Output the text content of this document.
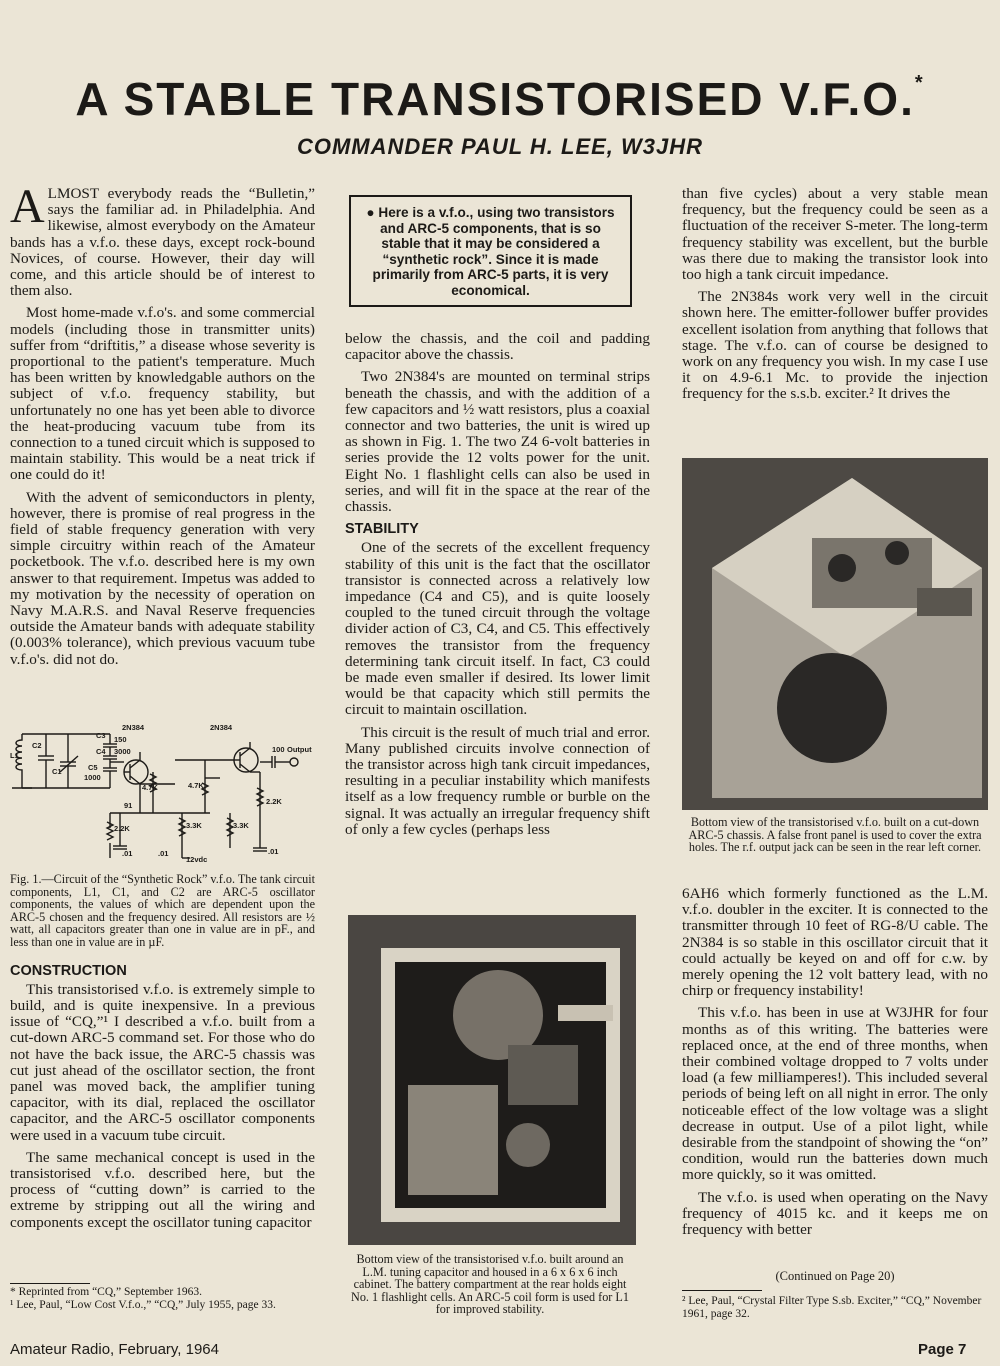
A STABLE TRANSISTORISED V.F.O.*
COMMANDER PAUL H. LEE, W3JHR

ALMOST everybody reads the “Bulletin,” says the familiar ad. in Philadelphia. And likewise, almost everybody on the Amateur bands has a v.f.o. these days, except rock-bound Novices, of course. However, their day will come, and this article should be of interest to them also.

Most home-made v.f.o's. and some commercial models (including those in transmitter units) suffer from “driftitis,” a disease whose severity is proportional to the patient's temperature. Much has been written by knowledgable authors on the subject of v.f.o. frequency stability, but unfortunately no one has yet been able to divorce the heat-producing vacuum tube from its connection to a tuned circuit which is supposed to maintain stability. This would be a neat trick if one could do it!

With the advent of semiconductors in plenty, however, there is promise of real progress in the field of stable frequency generation with very simple circuitry within reach of the Amateur pocketbook. The v.f.o. described here is my own answer to that requirement. Impetus was added to my motivation by the necessity of operation on Navy M.A.R.S. and Naval Reserve frequencies outside the Amateur bands with adequate stability (0.003% tolerance), which previous vacuum tube v.f.o's. did not do.

2N384	2N384
100 Output
L1
C2
C1
C3 150
C4 3000
C5
1000
4.7K	4.7K
2.2K
2.2K	3.3K	3.3K
91
.01	.01	.01
12vdc
Fig. 1.—Circuit of the “Synthetic Rock” v.f.o. The tank circuit components, L1, C1, and C2 are ARC-5 oscillator components, the values of which are dependent upon the ARC-5 chosen and the frequency desired. All resistors are ½ watt, all capacitors greater than one in value are in pF., and less than one in value are in µF.
CONSTRUCTION

This transistorised v.f.o. is extremely simple to build, and is quite inexpensive. In a previous issue of “CQ,”¹ I described a v.f.o. built from a cut-down ARC-5 command set. For those who do not have the back issue, the ARC-5 chassis was cut just ahead of the oscillator section, the front panel was moved back, the amplifier tuning capacitor, with its dial, replaced the oscillator capacitor, and the ARC-5 oscillator components were used in a vacuum tube circuit.

The same mechanical concept is used in the transistorised v.f.o. described here, but the process of “cutting down” is carried to the extreme by stripping out all the wiring and components except the oscillator tuning capacitor

* Reprinted from “CQ,” September 1963.
¹ Lee, Paul, “Low Cost V.f.o.,” “CQ,” July 1955, page 33.
● Here is a v.f.o., using two transistors and ARC-5 components, that is so stable that it may be considered a “synthetic rock”. Since it is made primarily from ARC-5 parts, it is very economical.

below the chassis, and the coil and padding capacitor above the chassis.

Two 2N384's are mounted on terminal strips beneath the chassis, and with the addition of a few capacitors and ½ watt resistors, plus a coaxial connector and two batteries, the unit is wired up as shown in Fig. 1. The two Z4 6-volt batteries in series provide the 12 volts power for the unit. Eight No. 1 flashlight cells can also be used in series, and will fit in the space at the rear of the chassis.

STABILITY

One of the secrets of the excellent frequency stability of this unit is the fact that the oscillator transistor is connected across a relatively low impedance (C4 and C5), and is quite loosely coupled to the tuned circuit through the voltage divider action of C3, C4, and C5. This effectively removes the transistor from the frequency determining tank circuit itself. In fact, C3 could be made even smaller if desired. Its lower limit would be that capacity which still permits the circuit to maintain oscillation.

This circuit is the result of much trial and error. Many published circuits involve connection of the transistor across high tank circuit impedances, resulting in a peculiar instability which manifests itself as a low frequency rumble or burble on the signal. It was actually an irregular frequency shift of only a few cycles (perhaps less

Bottom view of the transistorised v.f.o. built around an L.M. tuning capacitor and housed in a 6 x 6 x 6 inch cabinet. The battery compartment at the rear holds eight No. 1 flashlight cells. An ARC-5 coil form is used for L1 for improved stability.

than five cycles) about a very stable mean frequency, but the frequency could be seen as a fluctuation of the receiver S-meter. The long-term frequency stability was excellent, but the burble was there due to making the transistor look into too high a tank circuit impedance.

The 2N384s work very well in the circuit shown here. The emitter-follower buffer provides excellent isolation from anything that follows that stage. The v.f.o. can of course be designed to work on any frequency you wish. In my case I use it on 4.9-6.1 Mc. to provide the injection frequency for the s.s.b. exciter.² It drives the

Bottom view of the transistorised v.f.o. built on a cut-down ARC-5 chassis. A false front panel is used to cover the extra holes. The r.f. output jack can be seen in the rear left corner.

6AH6 which formerly functioned as the L.M. v.f.o. doubler in the exciter. It is connected to the transmitter through 10 feet of RG-8/U cable. The 2N384 is so stable in this oscillator circuit that it could actually be keyed on and off for c.w. by merely opening the 12 volt battery lead, with no chirp or frequency instability!

This v.f.o. has been in use at W3JHR for four months as of this writing. The batteries were replaced once, at the end of three months, when their combined voltage dropped to 7 volts under load (a few milliamperes!). This included several periods of being left on all night in error. The only noticeable effect of the low voltage was a slight decrease in output. Use of a pilot light, while desirable from the standpoint of showing the “on” condition, would run the batteries down much more quickly, so it was omitted.

The v.f.o. is used when operating on the Navy frequency of 4015 kc. and it keeps me on frequency with better

(Continued on Page 20)
² Lee, Paul, “Crystal Filter Type S.sb. Exciter,” “CQ,” November 1961, page 32.
Amateur Radio, February, 1964	Page 7
